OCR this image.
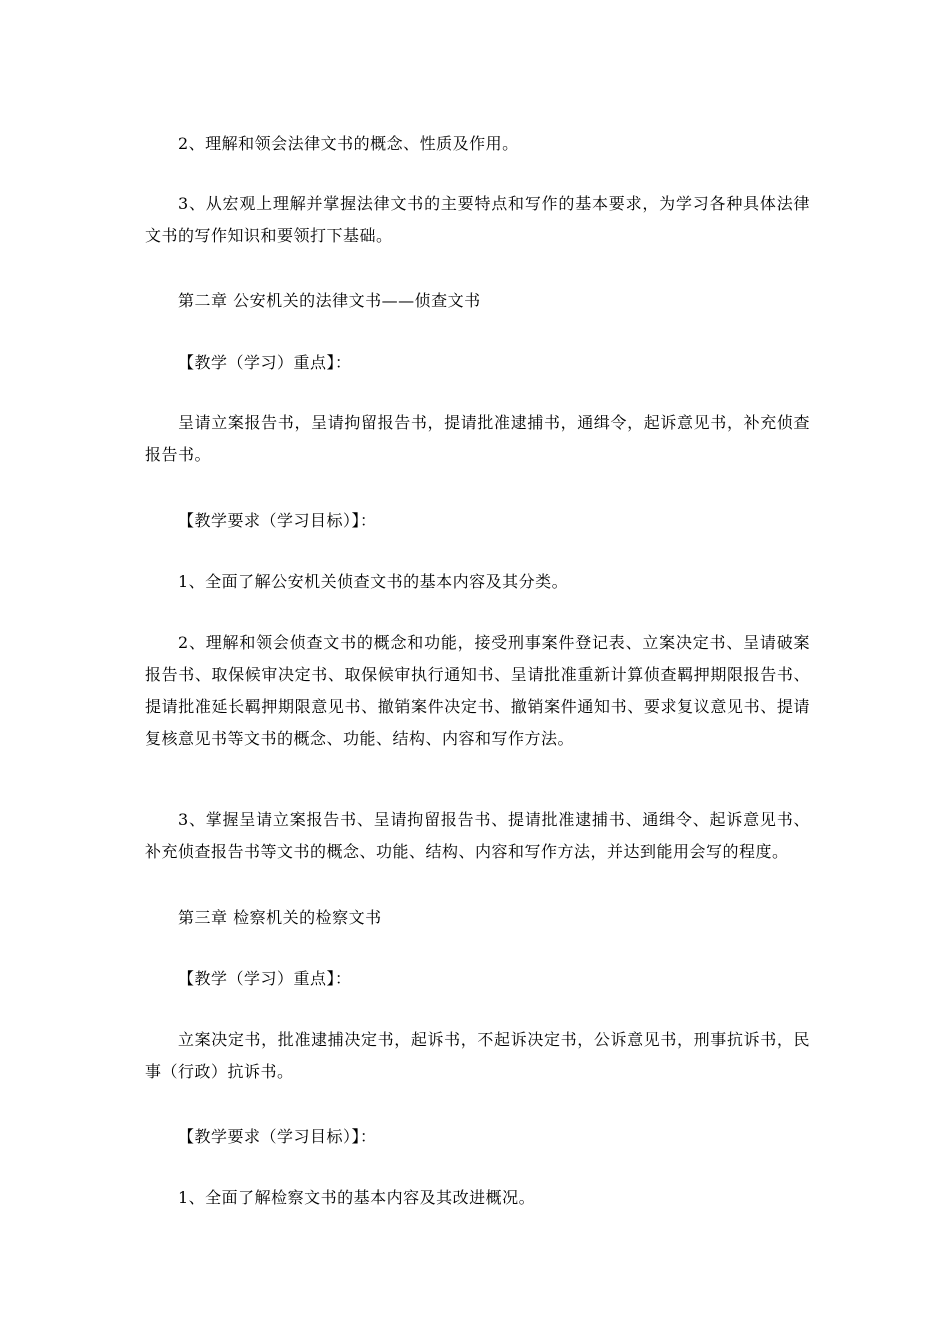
2、理解和领会法律文书的概念、性质及作用。

3、从宏观上理解并掌握法律文书的主要特点和写作的基本要求，为学习各种具体法律文书的写作知识和要领打下基础。

第二章 公安机关的法律文书——侦查文书

【教学（学习）重点】：

呈请立案报告书，呈请拘留报告书，提请批准逮捕书，通缉令，起诉意见书，补充侦查报告书。

【教学要求（学习目标）】：

1、全面了解公安机关侦查文书的基本内容及其分类。

2、理解和领会侦查文书的概念和功能，接受刑事案件登记表、立案决定书、呈请破案报告书、取保候审决定书、取保候审执行通知书、呈请批准重新计算侦查羁押期限报告书、提请批准延长羁押期限意见书、撤销案件决定书、撤销案件通知书、要求复议意见书、提请复核意见书等文书的概念、功能、结构、内容和写作方法。

3、掌握呈请立案报告书、呈请拘留报告书、提请批准逮捕书、通缉令、起诉意见书、补充侦查报告书等文书的概念、功能、结构、内容和写作方法，并达到能用会写的程度。

第三章 检察机关的检察文书

【教学（学习）重点】：

立案决定书，批准逮捕决定书，起诉书，不起诉决定书，公诉意见书，刑事抗诉书，民事（行政）抗诉书。

【教学要求（学习目标）】：

1、全面了解检察文书的基本内容及其改进概况。
